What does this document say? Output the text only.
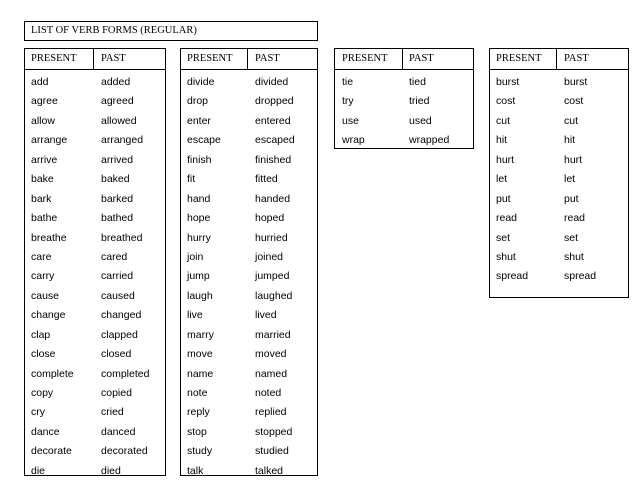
LIST OF VERB FORMS (REGULAR)
PRESENT PAST
add	added
agree	agreed
allow	allowed
arrange	arranged
arrive	arrived
bake	baked
bark	barked
bathe	bathed
breathe	breathed
care	cared
carry	carried
cause	caused
change	changed
clap	clapped
close	closed
complete	completed
copy	copied
cry	cried
dance	danced
decorate	decorated
die	died
PRESENT PAST
divide	divided
drop	dropped
enter	entered
escape	escaped
finish	finished
fit	fitted
hand	handed
hope	hoped
hurry	hurried
join	joined
jump	jumped
laugh	laughed
live	lived
marry	married
move	moved
name	named
note	noted
reply	replied
stop	stopped
study	studied
talk	talked
PRESENT PAST
tie	tied
try	tried
use	used
wrap	wrapped
PRESENT PAST
burst	burst
cost	cost
cut	cut
hit	hit
hurt	hurt
let	let
put	put
read	read
set	set
shut	shut
spread	spread
